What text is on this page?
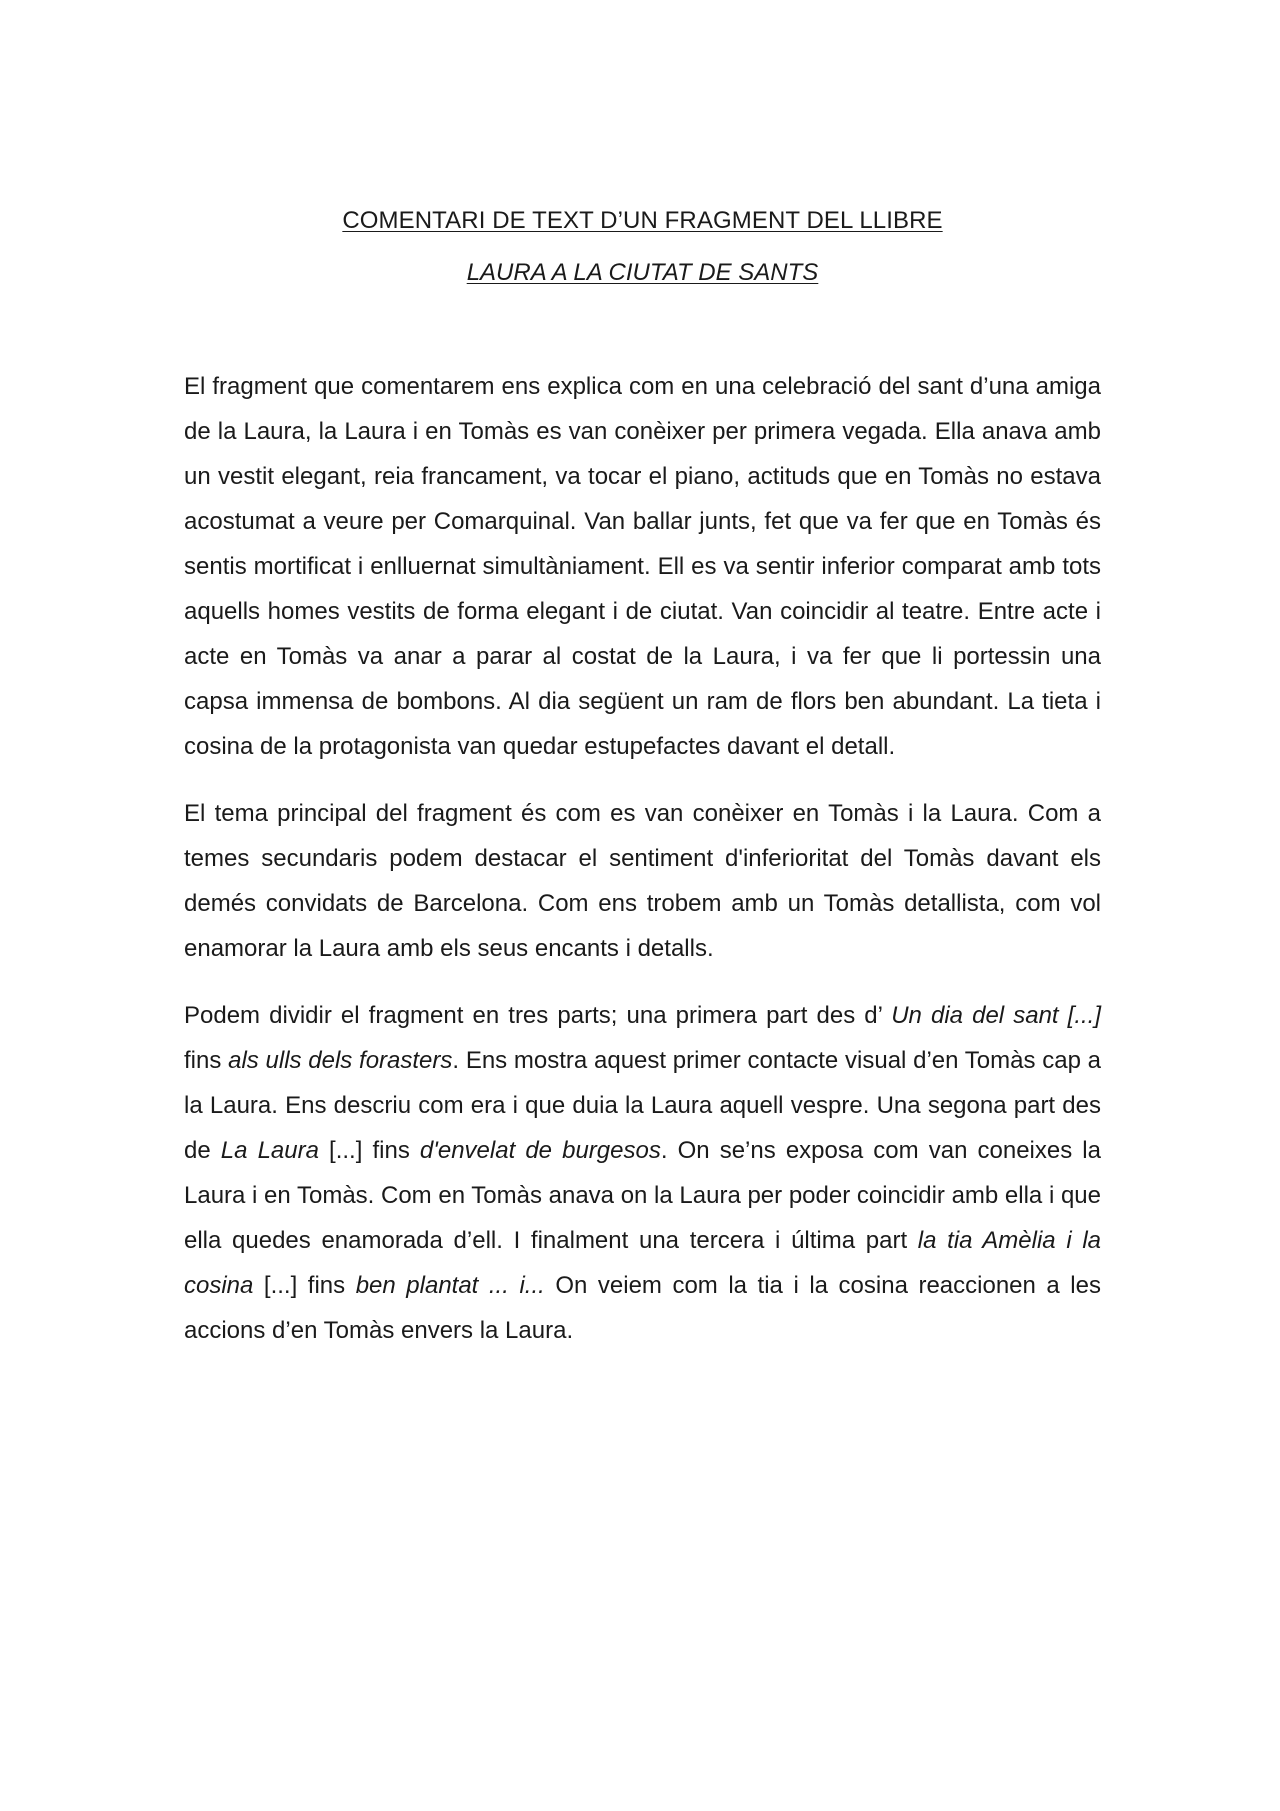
COMENTARI DE TEXT D’UN FRAGMENT DEL LLIBRE
LAURA A LA CIUTAT DE SANTS

El fragment que comentarem ens explica com en una celebració del sant d’una amiga de la Laura, la Laura i en Tomàs es van conèixer per primera vegada. Ella anava amb un vestit elegant, reia francament, va tocar el piano, actituds que en Tomàs no estava acostumat a veure per Comarquinal. Van ballar junts, fet que va fer que en Tomàs és sentis mortificat i enlluernat simultàniament. Ell es va sentir inferior comparat amb tots aquells homes vestits de forma elegant i de ciutat. Van coincidir al teatre. Entre acte i acte en Tomàs va anar a parar al costat de la Laura, i va fer que li portessin una capsa immensa de bombons. Al dia següent un ram de flors ben abundant. La tieta i cosina de la protagonista van quedar estupefactes davant el detall.

El tema principal del fragment és com es van conèixer en Tomàs i la Laura. Com a temes secundaris podem destacar el sentiment d'inferioritat del Tomàs davant els demés convidats de Barcelona. Com ens trobem amb un Tomàs detallista, com vol enamorar la Laura amb els seus encants i detalls.

Podem dividir el fragment en tres parts; una primera part des d’ Un dia del sant [...] fins als ulls dels forasters. Ens mostra aquest primer contacte visual d’en Tomàs cap a la Laura. Ens descriu com era i que duia la Laura aquell vespre. Una segona part des de La Laura [...] fins d'envelat de burgesos. On se’ns exposa com van coneixes la Laura i en Tomàs. Com en Tomàs anava on la Laura per poder coincidir amb ella i que ella quedes enamorada d’ell. I finalment una tercera i última part la tia Amèlia i la cosina [...] fins ben plantat ... i... On veiem com la tia i la cosina reaccionen a les accions d’en Tomàs envers la Laura.
